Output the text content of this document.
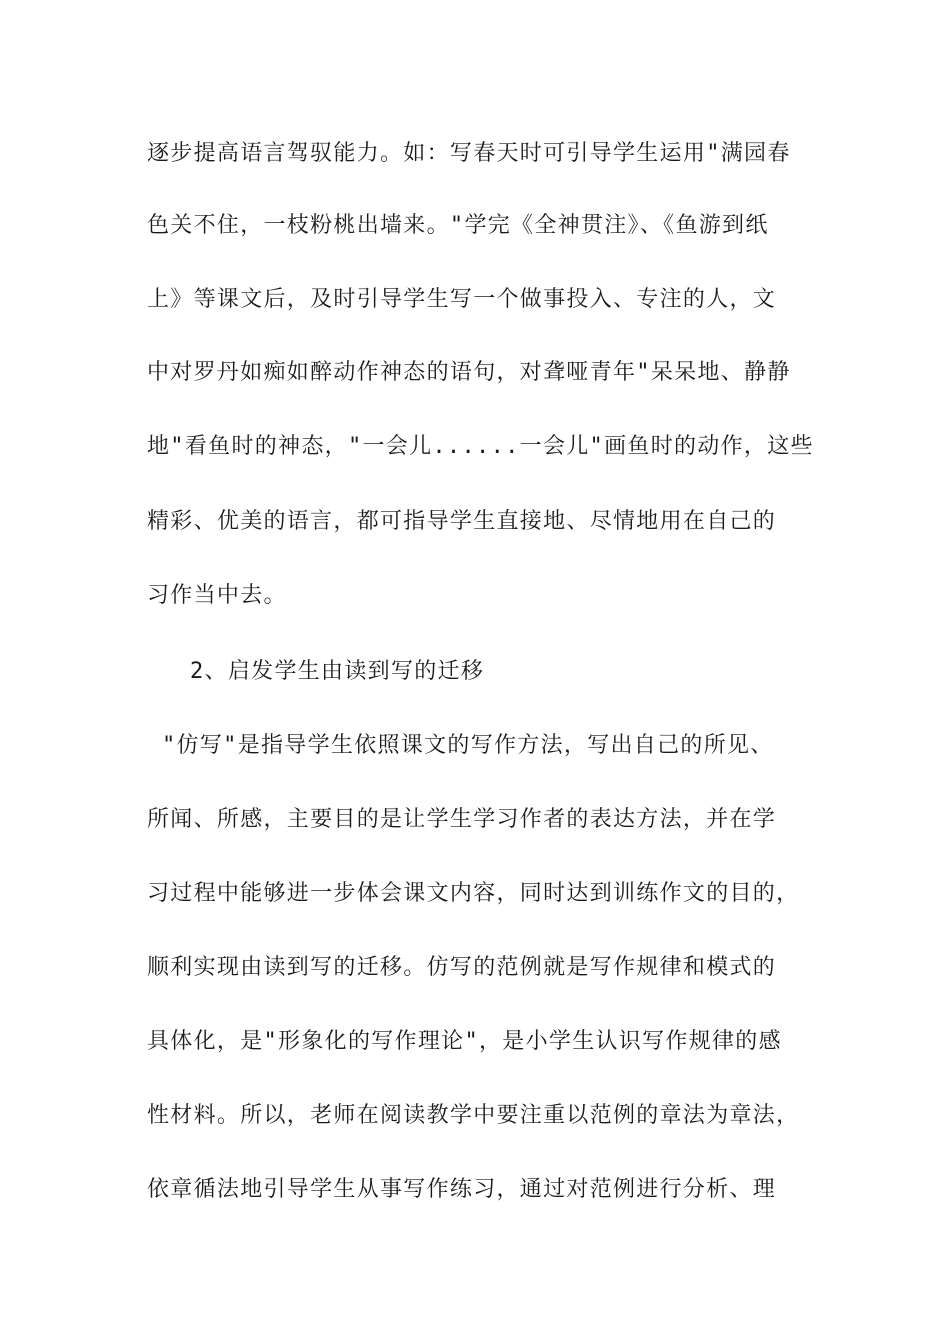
逐步提高语言驾驭能力。如：写春天时可引导学生运用"满园春
色关不住，一枝粉桃出墙来。"学完《全神贯注》、《鱼游到纸
上》等课文后，及时引导学生写一个做事投入、专注的人，文
中对罗丹如痴如醉动作神态的语句，对聋哑青年"呆呆地、静静
地"看鱼时的神态，"一会儿......一会儿"画鱼时的动作，这些
精彩、优美的语言，都可指导学生直接地、尽情地用在自己的
习作当中去。
2、启发学生由读到写的迁移
"仿写"是指导学生依照课文的写作方法，写出自己的所见、
所闻、所感，主要目的是让学生学习作者的表达方法，并在学
习过程中能够进一步体会课文内容，同时达到训练作文的目的，
顺利实现由读到写的迁移。仿写的范例就是写作规律和模式的
具体化，是"形象化的写作理论"，是小学生认识写作规律的感
性材料。所以，老师在阅读教学中要注重以范例的章法为章法，
依章循法地引导学生从事写作练习，通过对范例进行分析、理
